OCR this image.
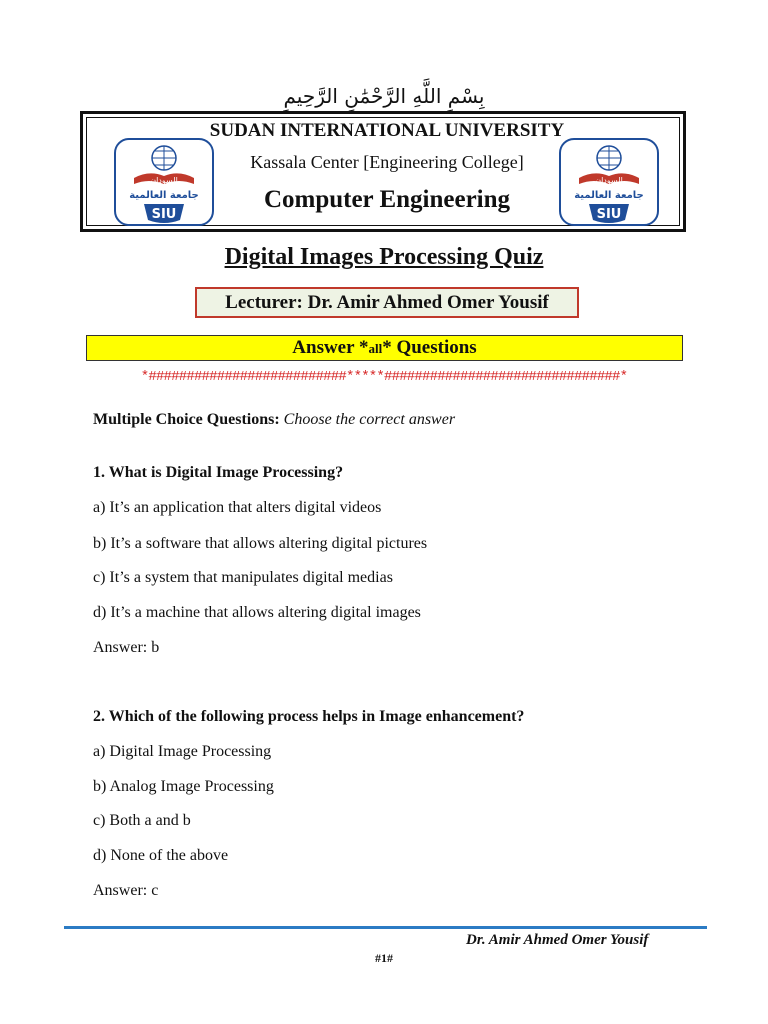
بِسْمِ اللَّهِ الرَّحْمَٰنِ الرَّحِيمِ
SUDAN INTERNATIONAL UNIVERSITY
Kassala Center [Engineering College]
Computer Engineering
السودان
جامعة العالمية
SIU
السودان
جامعة العالمية
SIU
Digital Images Processing Quiz
Lecturer: Dr. Amir Ahmed Omer Yousif
Answer *all* Questions
*##########################*****###############################*
Multiple Choice Questions: Choose the correct answer
1. What is Digital Image Processing?
a) It’s an application that alters digital videos
b) It’s a software that allows altering digital pictures
c) It’s a system that manipulates digital medias
d) It’s a machine that allows altering digital images
Answer: b
2. Which of the following process helps in Image enhancement?
a) Digital Image Processing
b) Analog Image Processing
c) Both a and b
d) None of the above
Answer: c
Dr. Amir Ahmed Omer Yousif
#1#
